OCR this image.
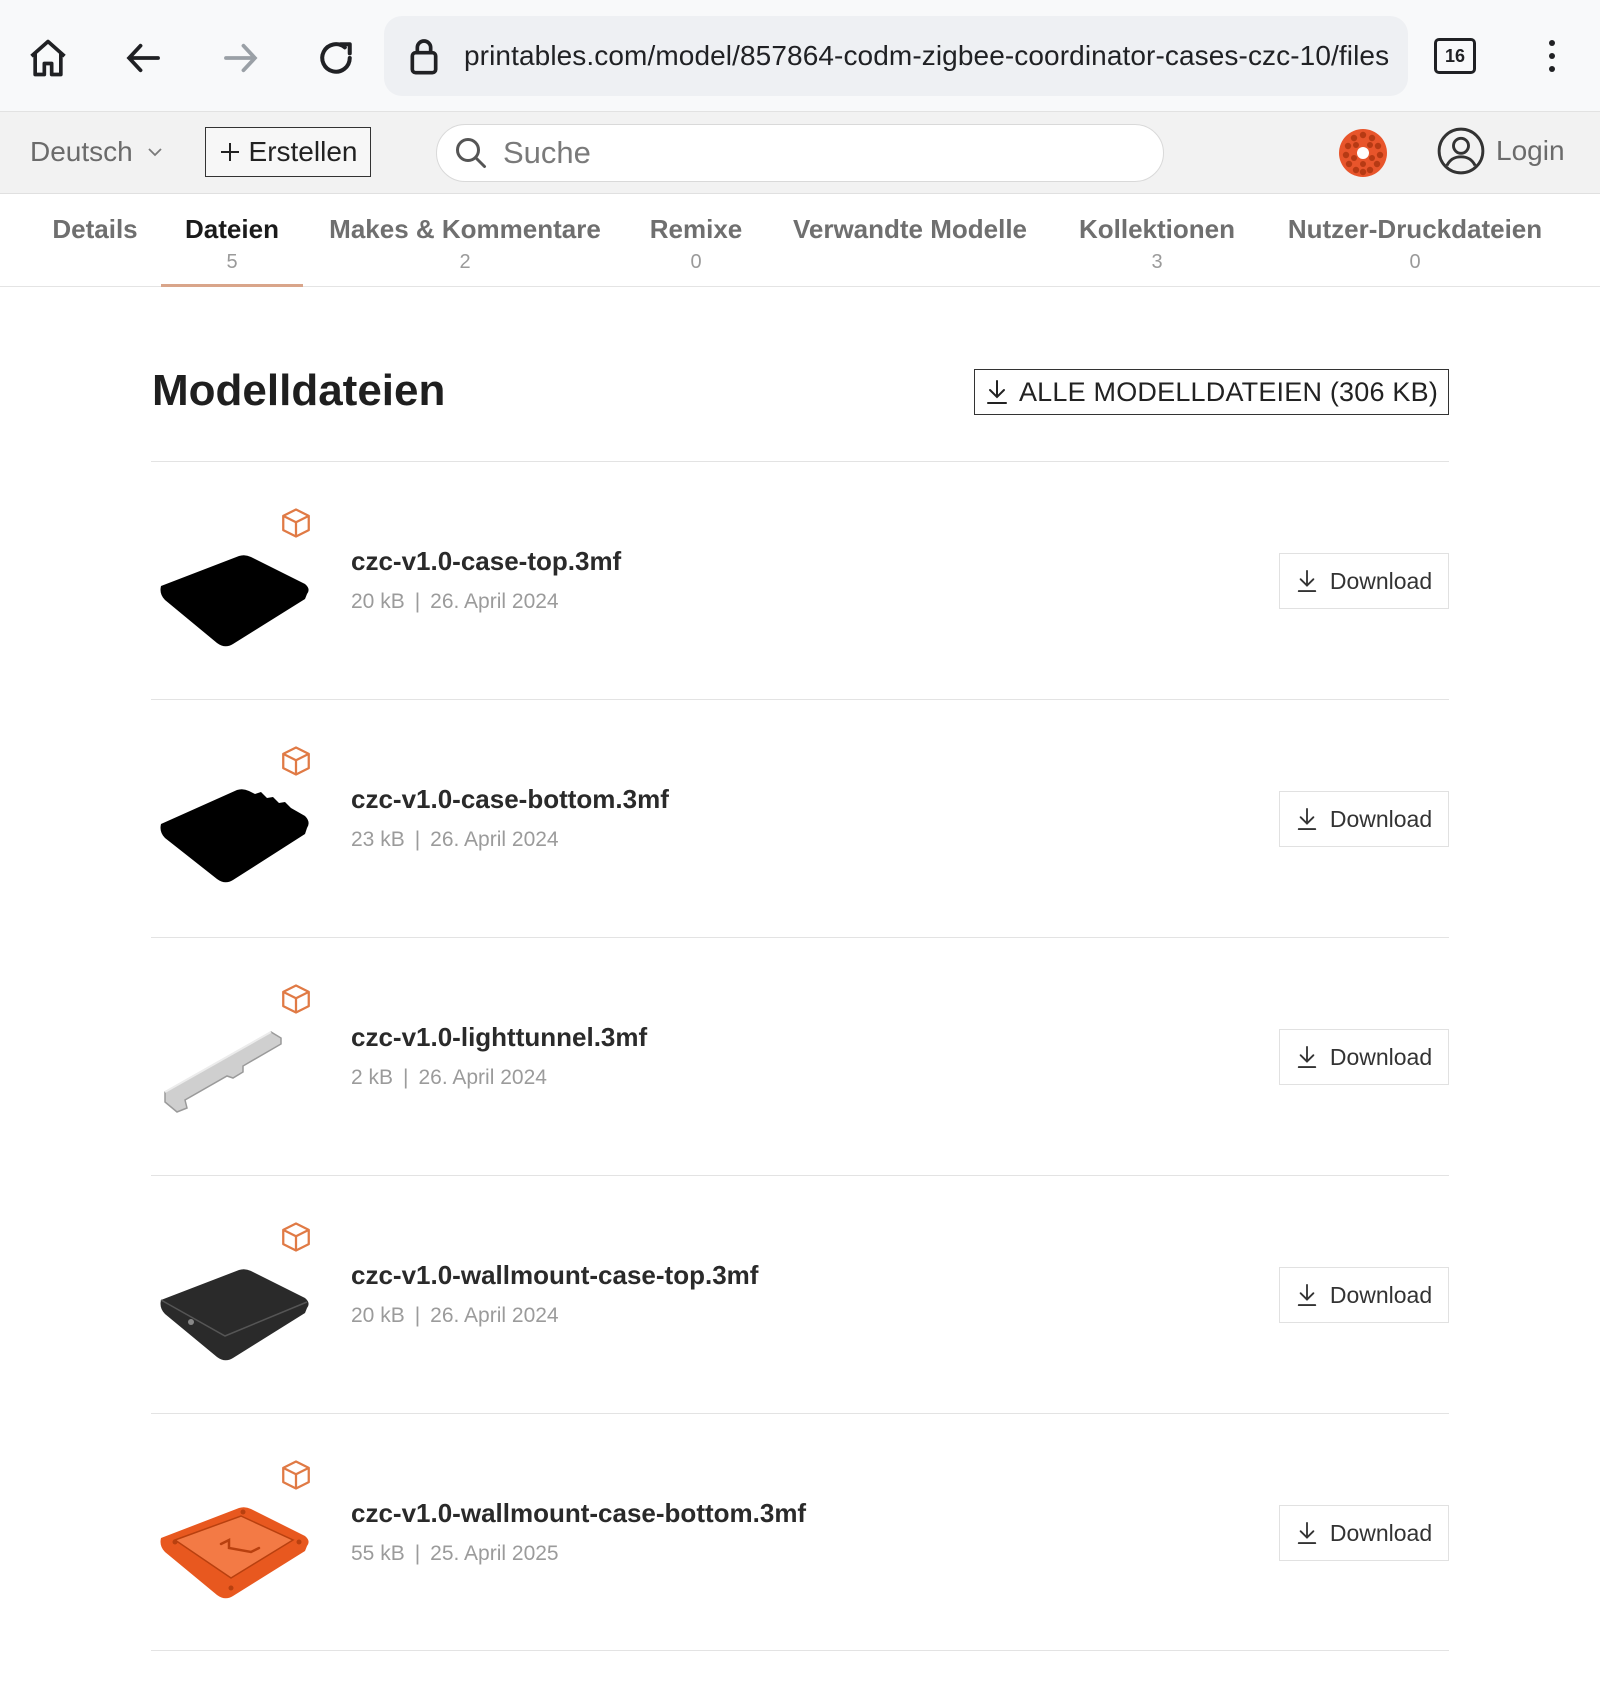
printables.com/model/857864-codm-zigbee-coordinator-cases-czc-10/files	16
Deutsch	Erstellen	Suche	Login
Details	Dateien
5
Makes & Kommentare
2
Remixe
0
Verwandte Modelle Kollektionen
3
Nutzer-Druckdateien
0
Modelldateien	ALLE MODELLDATEIEN (306 KB)
czc-v1.0-case-top.3mf
20 kB | 26. April 2024
Download
czc-v1.0-case-bottom.3mf
23 kB | 26. April 2024
Download
czc-v1.0-lighttunnel.3mf
2 kB | 26. April 2024
Download
czc-v1.0-wallmount-case-top.3mf
20 kB | 26. April 2024
Download
czc-v1.0-wallmount-case-bottom.3mf
55 kB | 25. April 2025
Download
